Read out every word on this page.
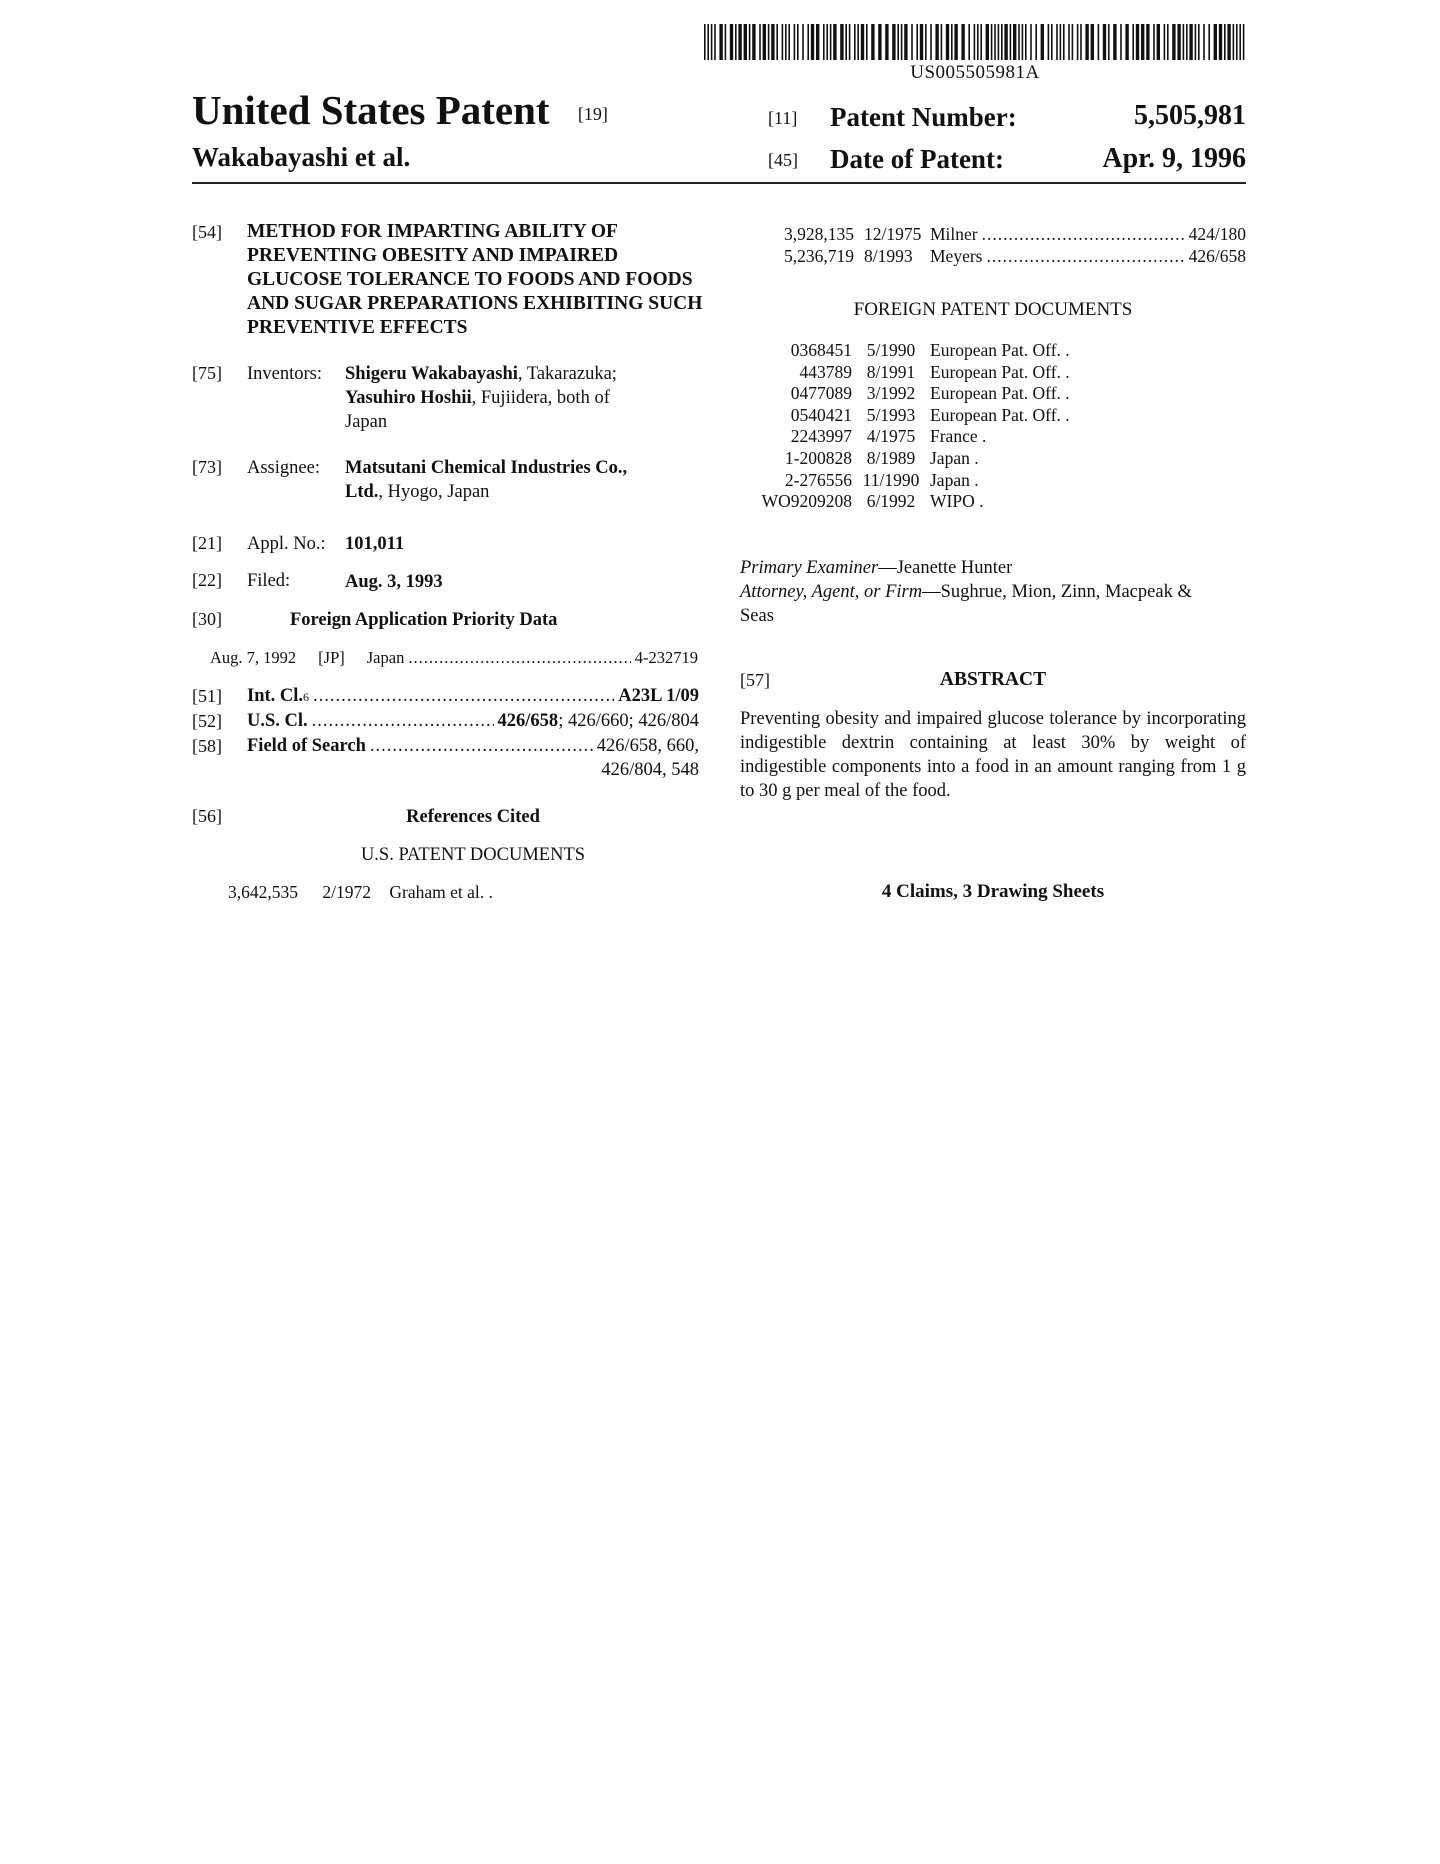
US005505981A
United States Patent [19]
Wakabayashi et al.
[11] Patent Number:	5,505,981
[45] Date of Patent:	Apr. 9, 1996
[54] METHOD FOR IMPARTING ABILITY OF PREVENTING OBESITY AND IMPAIRED GLUCOSE TOLERANCE TO FOODS AND FOODS AND SUGAR PREPARATIONS EXHIBITING SUCH PREVENTIVE EFFECTS
[75] Inventors: Shigeru Wakabayashi, Takarazuka;
Yasuhiro Hoshii, Fujiidera, both of
Japan
[73] Assignee: Matsutani Chemical Industries Co.,
Ltd., Hyogo, Japan
[21] Appl. No.: 101,011
[22] Filed:	Aug. 3, 1993
[30]	Foreign Application Priority Data
Aug. 7, 1992 [JP] Japan .....	4-232719
[51] Int. Cl. 6 .....	A23L 1/09
[52] U.S. Cl. .....	426/658; 426/660; 426/804
[58] Field of Search .....	426/658, 660,
426/804, 548
[56]	References Cited
U.S. PATENT DOCUMENTS
3,642,535 2/1972 Graham et al. .
3,928,135 12/1975 Milner .....	424/180
5,236,719 8/1993 Meyers .....	426/658
FOREIGN PATENT DOCUMENTS
0368451 5/1990 European Pat. Off. .
443789 8/1991 European Pat. Off. .
0477089 3/1992 European Pat. Off. .
0540421 5/1993 European Pat. Off. .
2243997 4/1975 France .
1-200828 8/1989 Japan .
2-276556 11/1990 Japan .
WO9209208 6/1992 WIPO .
Primary Examiner—Jeanette Hunter
Attorney, Agent, or Firm—Sughrue, Mion, Zinn, Macpeak &
Seas
[57]	ABSTRACT
Preventing obesity and impaired glucose tolerance by incorporating indigestible dextrin containing at least 30% by weight of indigestible components into a food in an amount ranging from 1 g to 30 g per meal of the food.
4 Claims, 3 Drawing Sheets
